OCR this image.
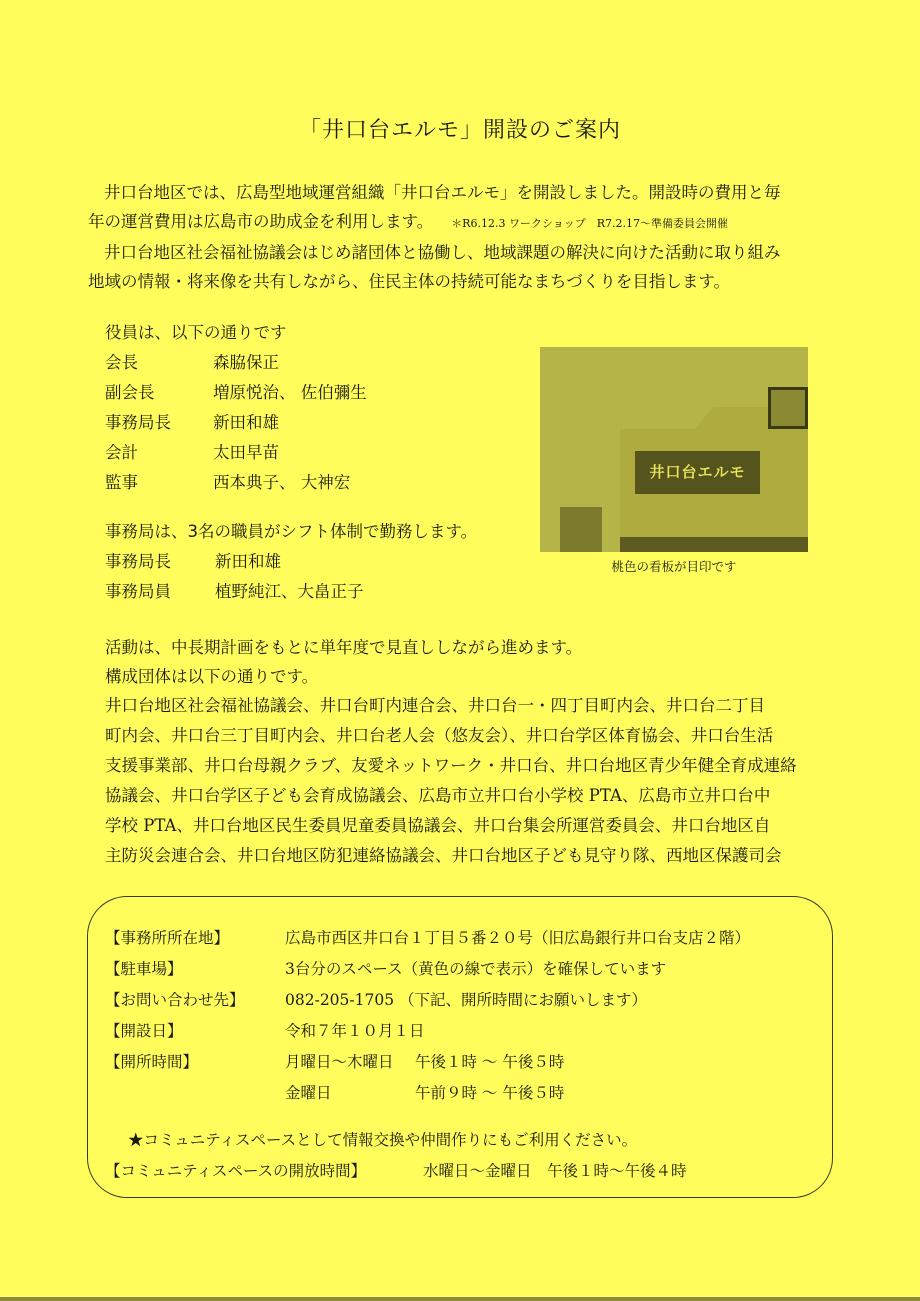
「井口台エルモ」開設のご案内
井口台地区では、広島型地域運営組織「井口台エルモ」を開設しました。開設時の費用と毎
年の運営費用は広島市の助成金を利用します。 ＊R6.12.3 ワークショップ　R7.2.17～準備委員会開催
井口台地区社会福祉協議会はじめ諸団体と協働し、地域課題の解決に向けた活動に取り組み
地域の情報・将来像を共有しながら、住民主体の持続可能なまちづくりを目指します。
役員は、以下の通りです
会長	森脇保正
副会長	増原悦治、 佐伯彌生
事務局長	新田和雄
会計	太田早苗
監事	西本典子、 大神宏
事務局は、3名の職員がシフト体制で勤務します。
事務局長	新田和雄
事務局員	植野純江、大畠正子
井口台エルモ
桃色の看板が目印です
活動は、中長期計画をもとに単年度で見直ししながら進めます。
構成団体は以下の通りです。
井口台地区社会福祉協議会、井口台町内連合会、井口台一・四丁目町内会、井口台二丁目
町内会、井口台三丁目町内会、井口台老人会（悠友会）、井口台学区体育協会、井口台生活
支援事業部、井口台母親クラブ、友愛ネットワーク・井口台、井口台地区青少年健全育成連絡
協議会、井口台学区子ども会育成協議会、広島市立井口台小学校 PTA、広島市立井口台中
学校 PTA、井口台地区民生委員児童委員協議会、井口台集会所運営委員会、井口台地区自
主防災会連合会、井口台地区防犯連絡協議会、井口台地区子ども見守り隊、西地区保護司会
【事務所所在地】	広島市西区井口台１丁目５番２０号（旧広島銀行井口台支店２階）
【駐車場】	3台分のスペース（黄色の線で表示）を確保しています
【お問い合わせ先】	082-205-1705 （下記、開所時間にお願いします）
【開設日】	令和７年１０月１日
【開所時間】	月曜日～木曜日 午後１時 ～ 午後５時
金曜日	午前９時 ～ 午後５時
★コミュニティスペースとして情報交換や仲間作りにもご利用ください。
【コミュニティスペースの開放時間】	水曜日～金曜日　午後１時～午後４時
